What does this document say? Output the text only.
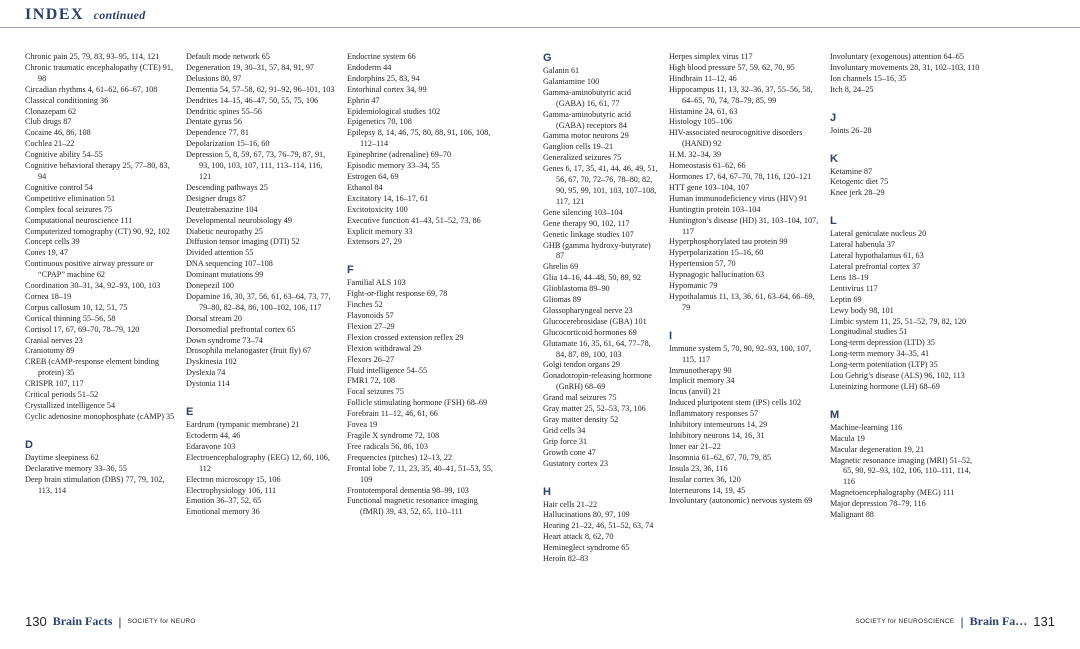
INDEX continued
Chronic pain 25, 79, 83, 93–95, 114, 121
Chronic traumatic encephalopathy (CTE) 91, 98
Circadian rhythms 4, 61–62, 66–67, 108
Classical conditioning 36
Clonazepam 62
Club drugs 87
Cocaine 46, 86, 108
Cochlea 21–22
Cognitive ability 54–55
Cognitive behavioral therapy 25, 77–80, 83, 94
Cognitive control 54
Competitive elimination 51
Complex focal seizures 75
Computational neuroscience 111
Computerized tomography (CT) 90, 92, 102
Concept cells 39
Cones 19, 47
Continuous positive airway pressure or “CPAP” machine 62
Coordination 30–31, 34, 92–93, 100, 103
Cornea 18–19
Corpus callosum 10, 12, 51, 75
Cortical thinning 55–56, 58
Cortisol 17, 67, 69–70, 78–79, 120
Cranial nerves 23
Craniotomy 89
CREB (cAMP-response element binding protein) 35
CRISPR 107, 117
Critical periods 51–52
Crystallized intelligence 54
Cyclic adenosine monophosphate (cAMP) 35
D
Daytime sleepiness 62
Declarative memory 33–36, 55
Deep brain stimulation (DBS) 77, 79, 102, 113, 114
Default mode network 65
Degeneration 19, 30–31, 57, 84, 91, 97
Delusions 80, 97
Dementia 54, 57–58, 62, 91–92, 96–101, 103
Dendrites 14–15, 46–47, 50, 55, 75, 106
Dendritic spines 55–56
Dentate gyrus 56
Dependence 77, 81
Depolarization 15–16, 60
Depression 5, 8, 59, 67, 73, 76–79, 87, 91, 93, 100, 103, 107, 111, 113–114, 116, 121
Descending pathways 25
Designer drugs 87
Deutetrabenazine 104
Developmental neurobiology 49
Diabetic neuropathy 25
Diffusion tensor imaging (DTI) 52
Divided attention 55
DNA sequencing 107–108
Dominant mutations 99
Donepezil 100
Dopamine 16, 30, 37, 56, 61, 63–64, 73, 77, 79–80, 82–84, 86, 100–102, 106, 117
Dorsal stream 20
Dorsomedial prefrontal cortex 65
Down syndrome 73–74
Drosophila melanogaster (fruit fly) 67
Dyskinesia 102
Dyslexia 74
Dystonia 114
E
Eardrum (tympanic membrane) 21
Ectoderm 44, 46
Edaravone 103
Electroencephalography (EEG) 12, 60, 106, 112
Electron microscopy 15, 106
Electrophysiology 106, 111
Emotion 36–37, 52, 65
Emotional memory 36
Endocrine system 66
Endoderm 44
Endorphins 25, 83, 94
Entorhinal cortex 34, 99
Ephrin 47
Epidemiological studies 102
Epigenetics 70, 108
Epilepsy 8, 14, 46, 75, 80, 88, 91, 106, 108, 112–114
Epinephrine (adrenaline) 69–70
Episodic memory 33–34, 55
Estrogen 64, 69
Ethanol 84
Excitatory 14, 16–17, 61
Excitotoxicity 100
Executive function 41–43, 51–52, 73, 86
Explicit memory 33
Extensors 27, 29
F
Familial ALS 103
Fight-or-flight response 69, 78
Finches 52
Flavonoids 57
Flexion 27–29
Flexion crossed extension reflex 29
Flexion withdrawal 29
Flexors 26–27
Fluid intelligence 54–55
FMR1 72, 108
Focal seizures 75
Follicle stimulating hormone (FSH) 68–69
Forebrain 11–12, 46, 61, 66
Fovea 19
Fragile X syndrome 72, 108
Free radicals 56, 86, 103
Frequencies (pitches) 12–13, 22
Frontal lobe 7, 11, 23, 35, 40–41, 51–53, 55, 109
Frontotemporal dementia 98–99, 103
Functional magnetic resonance imaging (fMRI) 39, 43, 52, 65, 110–111
G
Galanin 61
Galantamine 100
Gamma-aminobutyric acid (GABA) 16, 61, 77
Gamma-aminobutyric acid (GABA) receptors 84
Gamma motor neurons 29
Ganglion cells 19–21
Generalized seizures 75
Genes 6, 17, 35, 41, 44, 46, 49, 51, 56, 67, 70, 72–76, 78–80, 82, 90, 95, 99, 101, 103, 107–108, 117, 121
Gene silencing 103–104
Gene therapy 90, 102, 117
Genetic linkage studies 107
GHB (gamma hydroxy-butyrate) 87
Ghrelin 69
Glia 14–16, 44–48, 50, 89, 92
Glioblastoma 89–90
Gliomas 89
Glossopharyngeal nerve 23
Glucocerebrosidase (GBA) 101
Glucocorticoid hormones 69
Glutamate 16, 35, 61, 64, 77–78, 84, 87, 89, 100, 103
Golgi tendon organs 29
Gonadotropin-releasing hormone (GnRH) 68–69
Grand mal seizures 75
Gray matter 25, 52–53, 73, 106
Gray matter density 52
Grid cells 34
Grip force 31
Growth cone 47
Gustatory cortex 23
H
Hair cells 21–22
Hallucinations 80, 97, 109
Hearing 21–22, 46, 51–52, 63, 74
Heart attack 8, 62, 70
Hemineglect syndrome 65
Heroin 82–83
Herpes simplex virus 117
High blood pressure 57, 59, 62, 70, 95
Hindbrain 11–12, 46
Hippocampus 11, 13, 32–36, 37, 55–56, 58, 64–65, 70, 74, 78–79, 85, 99
Histamine 24, 61, 63
Histology 105–106
HIV-associated neurocognitive disorders (HAND) 92
H.M. 32–34, 39
Homeostasis 61–62, 66
Hormones 17, 64, 67–70, 78, 116, 120–121
HTT gene 103–104, 107
Human immunodeficiency virus (HIV) 91
Huntingtin protein 103–104
Huntington’s disease (HD) 31, 103–104, 107, 117
Hyperphosphorylated tau protein 99
Hyperpolarization 15–16, 60
Hypertension 57, 70
Hypnagogic hallucination 63
Hypomanic 79
Hypothalamus 11, 13, 36, 61, 63–64, 66–69, 79
I
Immune system 5, 70, 90, 92–93, 100, 107, 115, 117
Immunotherapy 90
Implicit memory 34
Incus (anvil) 21
Induced pluripotent stem (iPS) cells 102
Inflammatory responses 57
Inhibitory interneurons 14, 29
Inhibitory neurons 14, 16, 31
Inner ear 21–22
Insomnia 61–62, 67, 70, 79, 85
Insula 23, 36, 116
Insular cortex 36, 120
Interneurons 14, 19, 45
Involuntary (autonomic) nervous system 69
Involuntary (exogenous) attention 64–65
Involuntary movements 28, 31, 102–103, 110
Ion channels 15–16, 35
Itch 8, 24–25
J
Joints 26–28
K
Ketamine 87
Ketogenic diet 75
Knee jerk 28–29
L
Lateral geniculate nucleus 20
Lateral habenula 37
Lateral hypothalamus 61, 63
Lateral prefrontal cortex 37
Lens 18–19
Lentivirus 117
Leptin 69
Lewy body 98, 101
Limbic system 11, 25, 51–52, 79, 82, 120
Longitudinal studies 51
Long-term depression (LTD) 35
Long-term memory 34–35, 41
Long-term potentiation (LTP) 35
Lou Gehrig’s disease (ALS) 96, 102, 113
Luteinizing hormone (LH) 68–69
M
Machine-learning 116
Macula 19
Macular degeneration 19, 21
Magnetic resonance imaging (MRI) 51–52, 65, 90, 92–93, 102, 106, 110–111, 114, 116
Magnetoencephalography (MEG) 111
Major depression 78–79, 116
Malignant 88
130 Brain Facts | SOCIETY for NEURO	SOCIETY for NEUROSCIENCE | Brain Fa… 131
